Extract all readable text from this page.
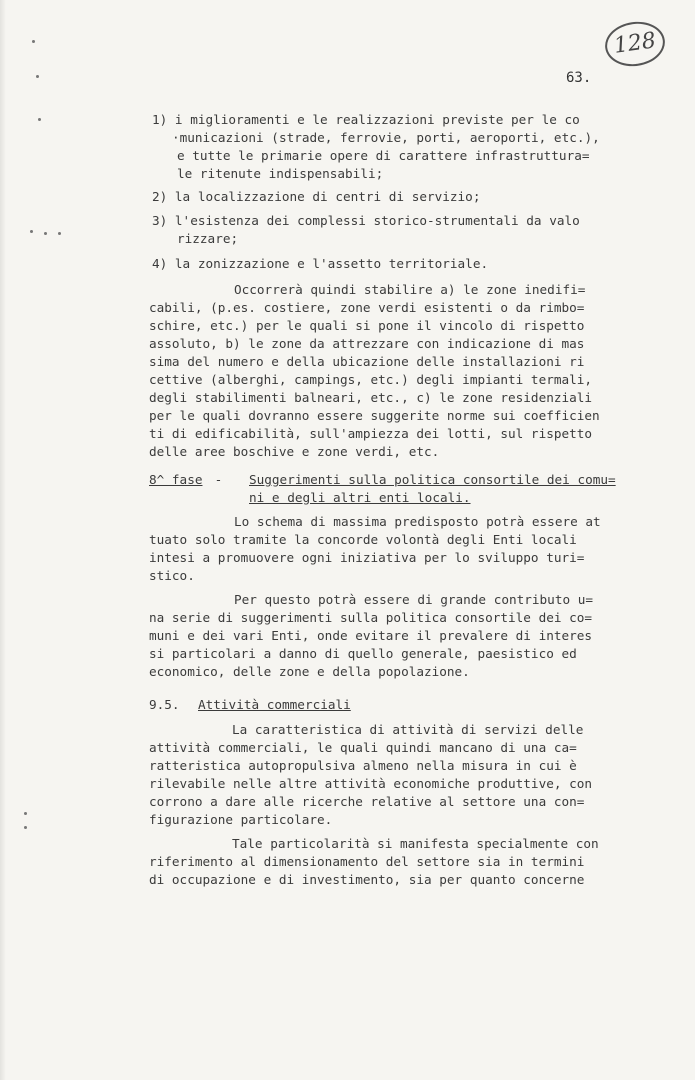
128
63.
1) i miglioramenti e le realizzazioni previste per le co
·municazioni (strade, ferrovie, porti, aeroporti, etc.),
e tutte le primarie opere di carattere infrastruttura=
le ritenute indispensabili;
2) la localizzazione di centri di servizio;
3) l'esistenza dei complessi storico-strumentali da valo
rizzare;
4) la zonizzazione e l'assetto territoriale.
Occorrerà quindi stabilire a) le zone inedifi=
cabili, (p.es. costiere, zone verdi esistenti o da rimbo=
schire, etc.) per le quali si pone il vincolo di rispetto
assoluto, b) le zone da attrezzare con indicazione di mas
sima del numero e della ubicazione delle installazioni ri
cettive (alberghi, campings, etc.) degli impianti termali,
degli stabilimenti balneari, etc., c) le zone residenziali
per le quali dovranno essere suggerite norme sui coefficien
ti di edificabilità, sull'ampiezza dei lotti, sul rispetto
delle aree boschive e zone verdi, etc.
8^ fase - Suggerimenti sulla politica consortile dei comu=
ni e degli altri enti locali.
Lo schema di massima predisposto potrà essere at
tuato solo tramite la concorde volontà degli Enti locali
intesi a promuovere ogni iniziativa per lo sviluppo turi=
stico.
Per questo potrà essere di grande contributo u=
na serie di suggerimenti sulla politica consortile dei co=
muni e dei vari Enti, onde evitare il prevalere di interes
si particolari a danno di quello generale, paesistico ed
economico, delle zone e della popolazione.
9.5. Attività commerciali
La caratteristica di attività di servizi delle
attività commerciali, le quali quindi mancano di una ca=
ratteristica autopropulsiva almeno nella misura in cui è
rilevabile nelle altre attività economiche produttive, con
corrono a dare alle ricerche relative al settore una con=
figurazione particolare.
Tale particolarità si manifesta specialmente con
riferimento al dimensionamento del settore sia in termini
di occupazione e di investimento, sia per quanto concerne
